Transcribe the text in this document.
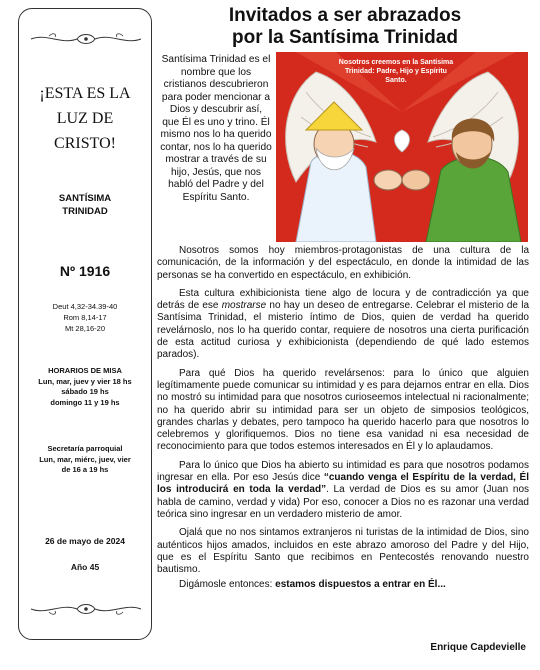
¡ESTA ES LA LUZ DE CRISTO!
SANTÍSIMA
TRINIDAD
Nº 1916
Deut 4,32-34.39-40
Rom 8,14-17
Mt 28,16-20
HORARIOS DE MISA
Lun, mar, juev y vier 18 hs
sábado 19 hs
domingo 11 y 19 hs
Secretaría parroquial
Lun, mar, miérc, juev, vier
de 16 a 19 hs
26 de mayo de 2024
Año 45
Invitados a ser abrazados
por la Santísima Trinidad
Santísima Trinidad es el nombre que los cristianos descubrieron para poder mencionar a Dios y descubrir así, que Él es uno y trino. Él mismo nos lo ha querido contar, nos lo ha querido mostrar a través de su hijo, Jesús, que nos habló del Padre y del Espíritu Santo.
Nosotros creemos en la Santísima Trinidad: Padre, Hijo y Espíritu Santo.

Nosotros somos hoy miembros-protagonistas de una cultura de la comunicación, de la información y del espectáculo, en donde la intimidad de las personas se ha convertido en espectáculo, en exhibición.

Esta cultura exhibicionista tiene algo de locura y de contradicción ya que detrás de ese mostrarse no hay un deseo de entregarse. Celebrar el misterio de la Santísima Trinidad, el misterio íntimo de Dios, quien de verdad ha querido revelárnoslo, nos lo ha querido contar, requiere de nosotros una cierta purificación de esta actitud curiosa y exhibicionista (dependiendo de qué lado estemos parados).

Para qué Dios ha querido revelársenos: para lo único que alguien legítimamente puede comunicar su intimidad y es para dejarnos entrar en ella. Dios no mostró su intimidad para que nosotros curioseemos intelectual ni racionalmente; no ha querido abrir su intimidad para ser un objeto de simposios teológicos, grandes charlas y debates, pero tampoco ha querido hacerlo para que nosotros lo celebremos y glorifiquemos. Dios no tiene esa vanidad ni esa necesidad de reconocimiento para que todos estemos interesados en Él y lo aplaudamos.

Para lo único que Dios ha abierto su intimidad es para que nosotros podamos ingresar en ella. Por eso Jesús dice “cuando venga el Espíritu de la verdad, Él los introducirá en toda la verdad”. La verdad de Dios es su amor (Juan nos habla de camino, verdad y vida) Por eso, conocer a Dios no es razonar una verdad teórica sino ingresar en un verdadero misterio de amor.

Ojalá que no nos sintamos extranjeros ni turistas de la intimidad de Dios, sino auténticos hijos amados, incluidos en este abrazo amoroso del Padre y del Hijo, que es el Espíritu Santo que recibimos en Pentecostés renovando nuestro bautismo.

Digámosle entonces: estamos dispuestos a entrar en Él...

Enrique Capdevielle
